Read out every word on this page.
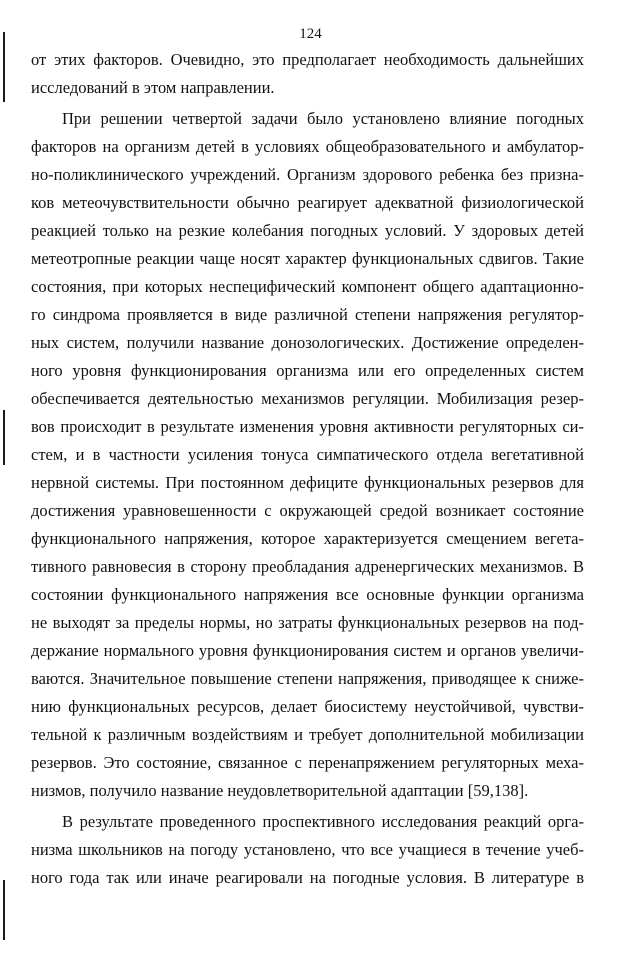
124
от этих факторов. Очевидно, это предполагает необходимость дальнейших
исследований в этом направлении.
При решении четвертой задачи было установлено влияние погодных
факторов на организм детей в условиях общеобразовательного и амбулатор-
но-поликлинического учреждений. Организм здорового ребенка без призна-
ков метеочувствительности обычно реагирует адекватной физиологической
реакцией только на резкие колебания погодных условий. У здоровых детей
метеотропные реакции чаще носят характер функциональных сдвигов. Такие
состояния, при которых неспецифический компонент общего адаптационно-
го синдрома проявляется в виде различной степени напряжения регулятор-
ных систем, получили название донозологических. Достижение определен-
ного уровня функционирования организма или его определенных систем
обеспечивается деятельностью механизмов регуляции. Мобилизация резер-
вов происходит в результате изменения уровня активности регуляторных си-
стем, и в частности усиления тонуса симпатического отдела вегетативной
нервной системы. При постоянном дефиците функциональных резервов для
достижения уравновешенности с окружающей средой возникает состояние
функционального напряжения, которое характеризуется смещением вегета-
тивного равновесия в сторону преобладания адренергических механизмов. В
состоянии функционального напряжения все основные функции организма
не выходят за пределы нормы, но затраты функциональных резервов на под-
держание нормального уровня функционирования систем и органов увеличи-
ваются. Значительное повышение степени напряжения, приводящее к сниже-
нию функциональных ресурсов, делает биосистему неустойчивой, чувстви-
тельной к различным воздействиям и требует дополнительной мобилизации
резервов. Это состояние, связанное с перенапряжением регуляторных меха-
низмов, получило название неудовлетворительной адаптации [59,138].
В результате проведенного проспективного исследования реакций орга-
низма школьников на погоду установлено, что все учащиеся в течение учеб-
ного года так или иначе реагировали на погодные условия. В литературе в
